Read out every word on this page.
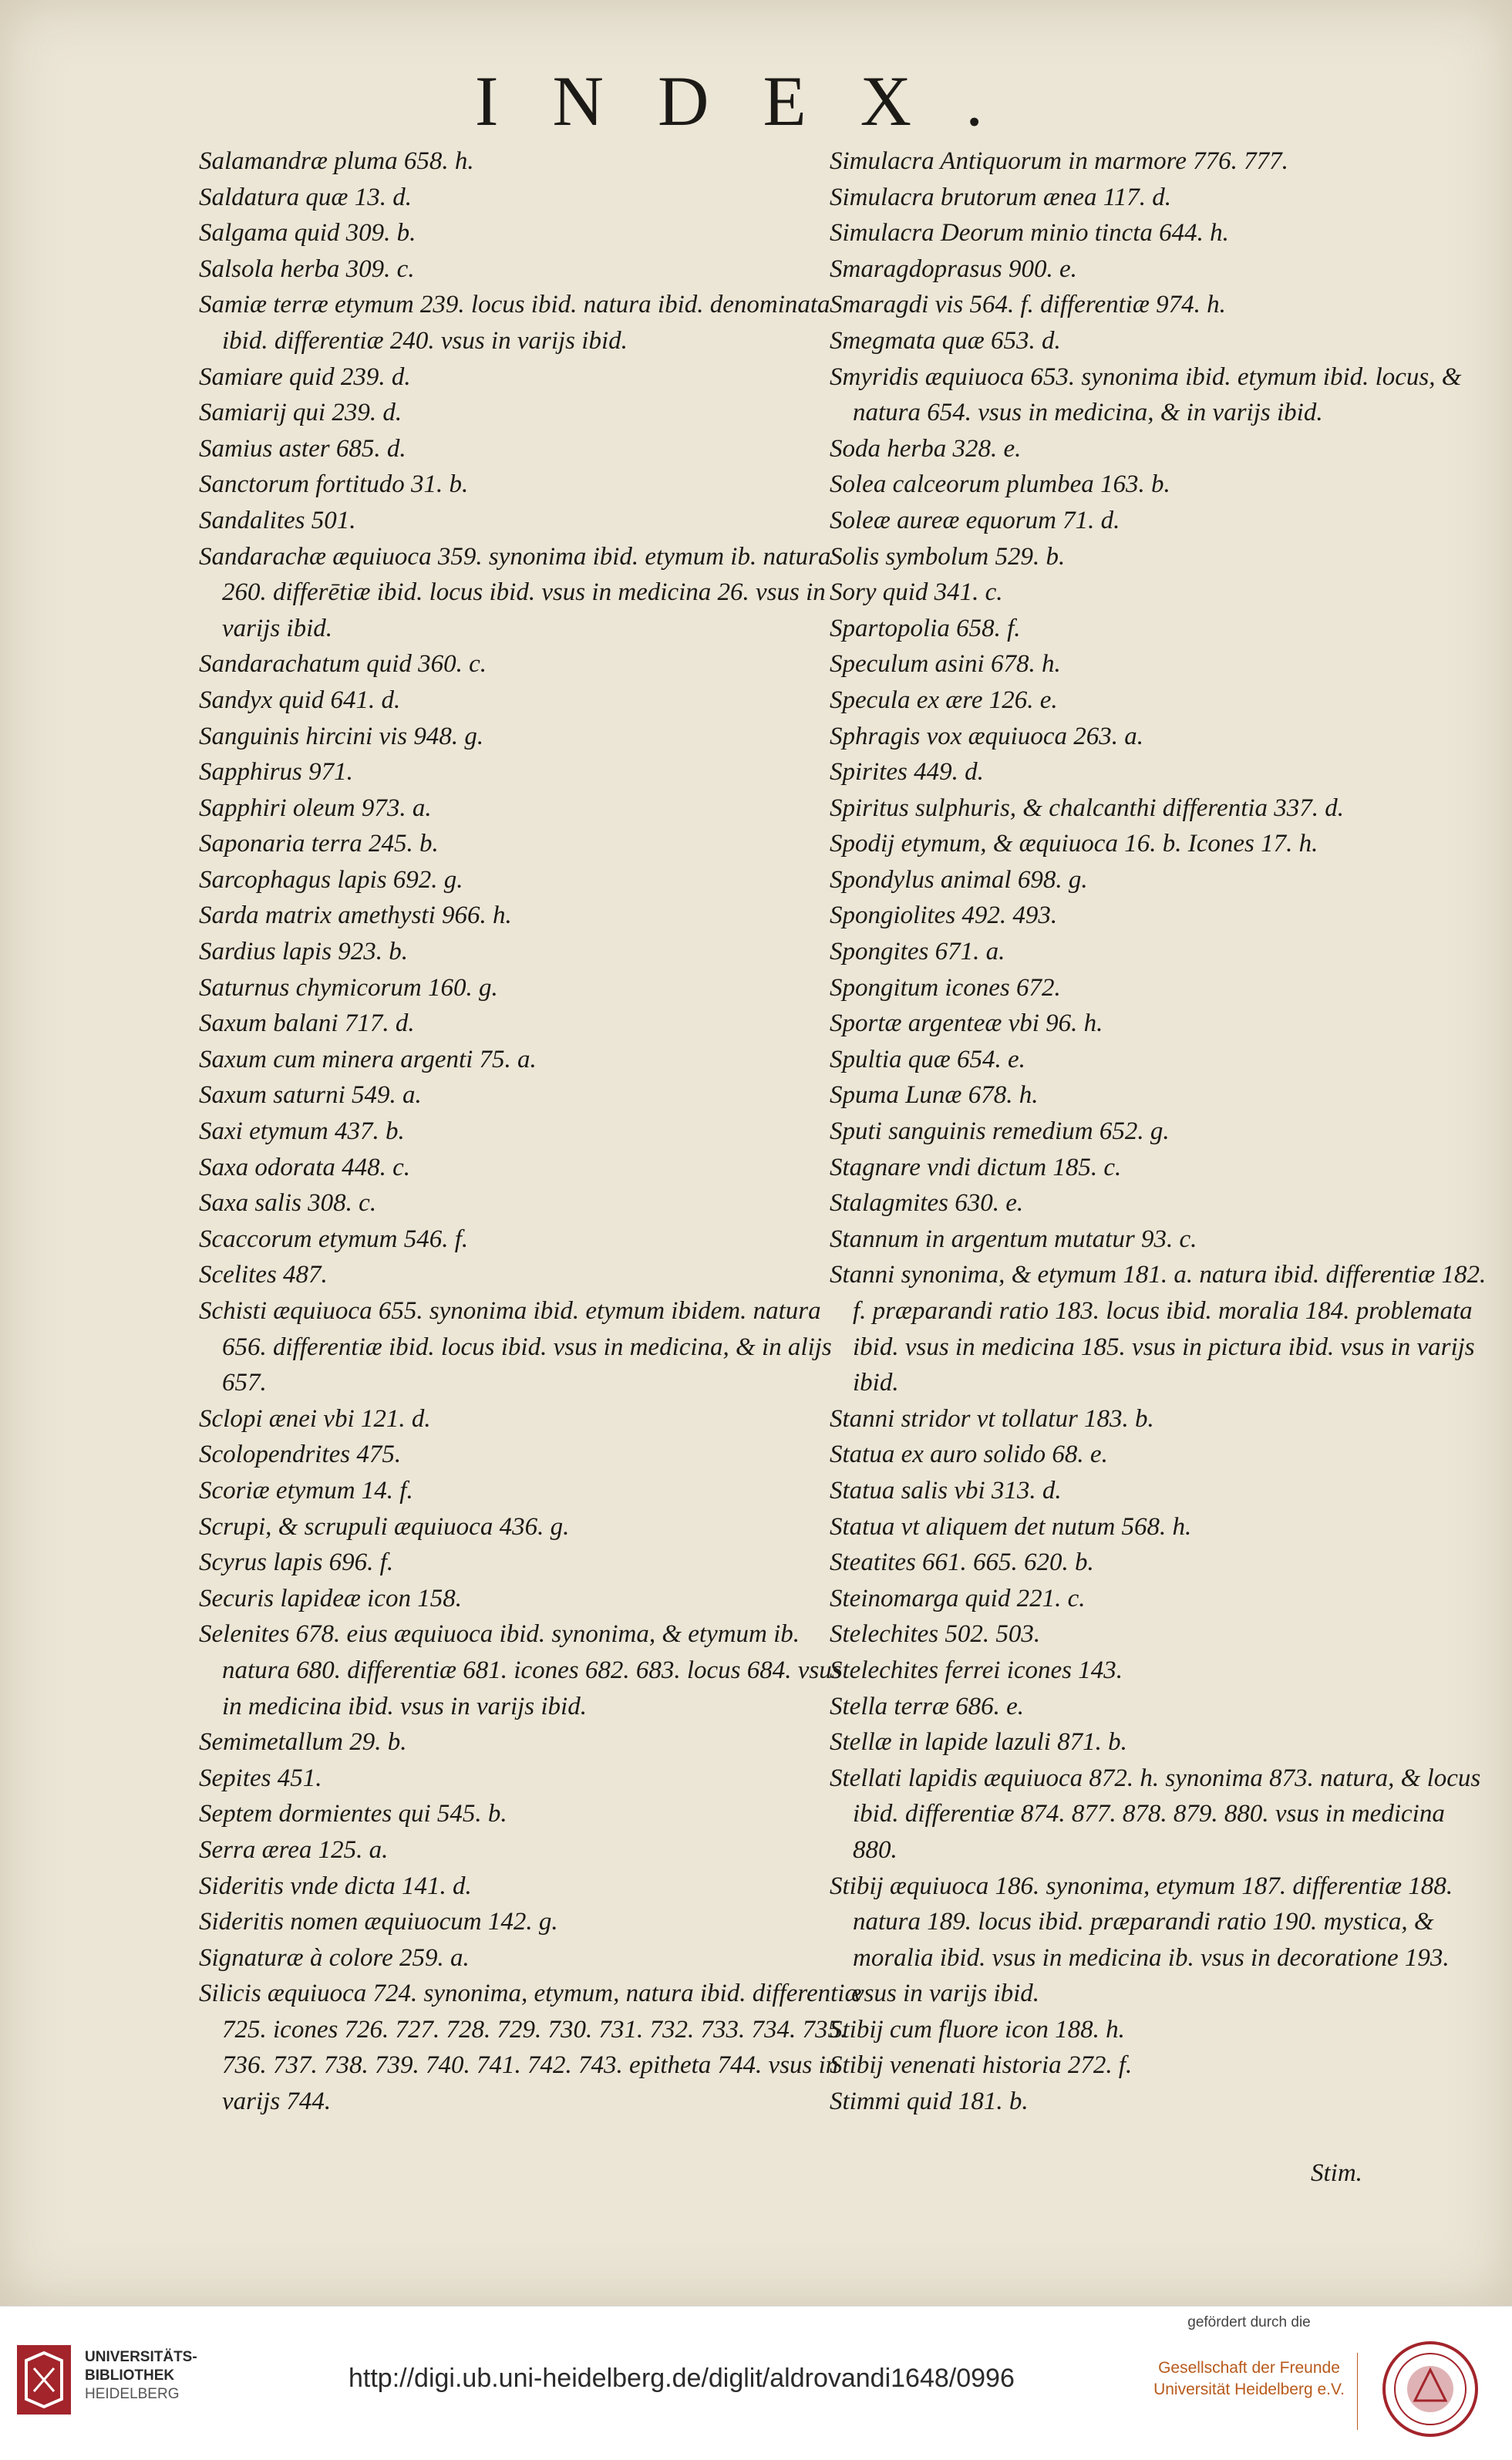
INDEX.

Salamandræ pluma 658. h.

Saldatura quæ 13. d.

Salgama quid 309. b.

Salsola herba 309. c.

Samiæ terræ etymum 239. locus ibid. natura ibid. denominata ibid. differentiæ 240. vsus in varijs ibid.

Samiare quid 239. d.

Samiarij qui 239. d.

Samius aster 685. d.

Sanctorum fortitudo 31. b.

Sandalites 501.

Sandarachæ æquiuoca 359. synonima ibid. etymum ib. natura 260. differētiæ ibid. locus ibid. vsus in medicina 26. vsus in varijs ibid.

Sandarachatum quid 360. c.

Sandyx quid 641. d.

Sanguinis hircini vis 948. g.

Sapphirus 971.

Sapphiri oleum 973. a.

Saponaria terra 245. b.

Sarcophagus lapis 692. g.

Sarda matrix amethysti 966. h.

Sardius lapis 923. b.

Saturnus chymicorum 160. g.

Saxum balani 717. d.

Saxum cum minera argenti 75. a.

Saxum saturni 549. a.

Saxi etymum 437. b.

Saxa odorata 448. c.

Saxa salis 308. c.

Scaccorum etymum 546. f.

Scelites 487.

Schisti æquiuoca 655. synonima ibid. etymum ibidem. natura 656. differentiæ ibid. locus ibid. vsus in medicina, & in alijs 657.

Sclopi ænei vbi 121. d.

Scolopendrites 475.

Scoriæ etymum 14. f.

Scrupi, & scrupuli æquiuoca 436. g.

Scyrus lapis 696. f.

Securis lapideæ icon 158.

Selenites 678. eius æquiuoca ibid. synonima, & etymum ib. natura 680. differentiæ 681. icones 682. 683. locus 684. vsus in medicina ibid. vsus in varijs ibid.

Semimetallum 29. b.

Sepites 451.

Septem dormientes qui 545. b.

Serra ærea 125. a.

Sideritis vnde dicta 141. d.

Sideritis nomen æquiuocum 142. g.

Signaturæ à colore 259. a.

Silicis æquiuoca 724. synonima, etymum, natura ibid. differentiæ 725. icones 726. 727. 728. 729. 730. 731. 732. 733. 734. 735. 736. 737. 738. 739. 740. 741. 742. 743. epitheta 744. vsus in varijs 744.

Simulacra Antiquorum in marmore 776. 777.

Simulacra brutorum ænea 117. d.

Simulacra Deorum minio tincta 644. h.

Smaragdoprasus 900. e.

Smaragdi vis 564. f. differentiæ 974. h.

Smegmata quæ 653. d.

Smyridis æquiuoca 653. synonima ibid. etymum ibid. locus, & natura 654. vsus in medicina, & in varijs ibid.

Soda herba 328. e.

Solea calceorum plumbea 163. b.

Soleæ aureæ equorum 71. d.

Solis symbolum 529. b.

Sory quid 341. c.

Spartopolia 658. f.

Speculum asini 678. h.

Specula ex ære 126. e.

Sphragis vox æquiuoca 263. a.

Spirites 449. d.

Spiritus sulphuris, & chalcanthi differentia 337. d.

Spodij etymum, & æquiuoca 16. b. Icones 17. h.

Spondylus animal 698. g.

Spongiolites 492. 493.

Spongites 671. a.

Spongitum icones 672.

Sportæ argenteæ vbi 96. h.

Spultia quæ 654. e.

Spuma Lunæ 678. h.

Sputi sanguinis remedium 652. g.

Stagnare vndi dictum 185. c.

Stalagmites 630. e.

Stannum in argentum mutatur 93. c.

Stanni synonima, & etymum 181. a. natura ibid. differentiæ 182. f. præparandi ratio 183. locus ibid. moralia 184. problemata ibid. vsus in medicina 185. vsus in pictura ibid. vsus in varijs ibid.

Stanni stridor vt tollatur 183. b.

Statua ex auro solido 68. e.

Statua salis vbi 313. d.

Statua vt aliquem det nutum 568. h.

Steatites 661. 665. 620. b.

Steinomarga quid 221. c.

Stelechites 502. 503.

Stelechites ferrei icones 143.

Stella terræ 686. e.

Stellæ in lapide lazuli 871. b.

Stellati lapidis æquiuoca 872. h. synonima 873. natura, & locus ibid. differentiæ 874. 877. 878. 879. 880. vsus in medicina 880.

Stibij æquiuoca 186. synonima, etymum 187. differentiæ 188. natura 189. locus ibid. præparandi ratio 190. mystica, & moralia ibid. vsus in medicina ib. vsus in decoratione 193. vsus in varijs ibid.

Stibij cum fluore icon 188. h.

Stibij venenati historia 272. f.

Stimmi quid 181. b.

Stim.
UNIVERSITÄTS-
BIBLIOTHEK
HEIDELBERG
http://digi.ub.uni-heidelberg.de/diglit/aldrovandi1648/0996
gefördert durch die
Gesellschaft der Freunde
Universität Heidelberg e.V.
